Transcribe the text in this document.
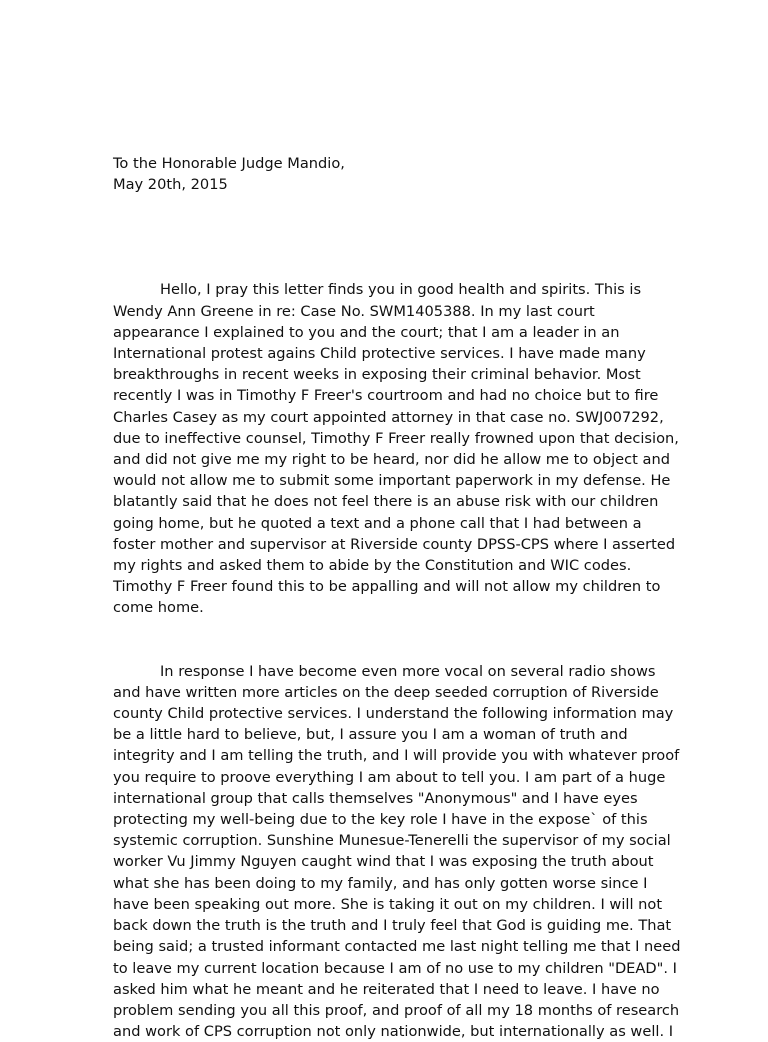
To the Honorable Judge Mandio,
May 20th, 2015
Hello, I pray this letter finds you in good health and spirits. This is
Wendy Ann Greene in re: Case No. SWM1405388. In my last court
appearance I explained to you and the court; that I am a leader in an
International protest agains Child protective services. I have made many
breakthroughs in recent weeks in exposing their criminal behavior. Most
recently I was in Timothy F Freer's courtroom and had no choice but to fire
Charles Casey as my court appointed attorney in that case no. SWJ007292,
due to ineffective counsel, Timothy F Freer really frowned upon that decision,
and did not give me my right to be heard, nor did he allow me to object and
would not allow me to submit some important paperwork in my defense. He
blatantly said that he does not feel there is an abuse risk with our children
going home, but he quoted a text and a phone call that I had between a
foster mother and supervisor at Riverside county DPSS-CPS where I asserted
my rights and asked them to abide by the Constitution and WIC codes.
Timothy F Freer found this to be appalling and will not allow my children to
come home.
In response I have become even more vocal on several radio shows
and have written more articles on the deep seeded corruption of Riverside
county Child protective services. I understand the following information may
be a little hard to believe, but, I assure you I am a woman of truth and
integrity and I am telling the truth, and I will provide you with whatever proof
you require to proove everything I am about to tell you. I am part of a huge
international group that calls themselves "Anonymous" and I have eyes
protecting my well-being due to the key role I have in the expose` of this
systemic corruption. Sunshine Munesue-Tenerelli the supervisor of my social
worker Vu Jimmy Nguyen caught wind that I was exposing the truth about
what she has been doing to my family, and has only gotten worse since I
have been speaking out more. She is taking it out on my children. I will not
back down the truth is the truth and I truly feel that God is guiding me. That
being said; a trusted informant contacted me last night telling me that I need
to leave my current location because I am of no use to my children "DEAD". I
asked him what he meant and he reiterated that I need to leave. I have no
problem sending you all this proof, and proof of all my 18 months of research
and work of CPS corruption not only nationwide, but internationally as well. I
